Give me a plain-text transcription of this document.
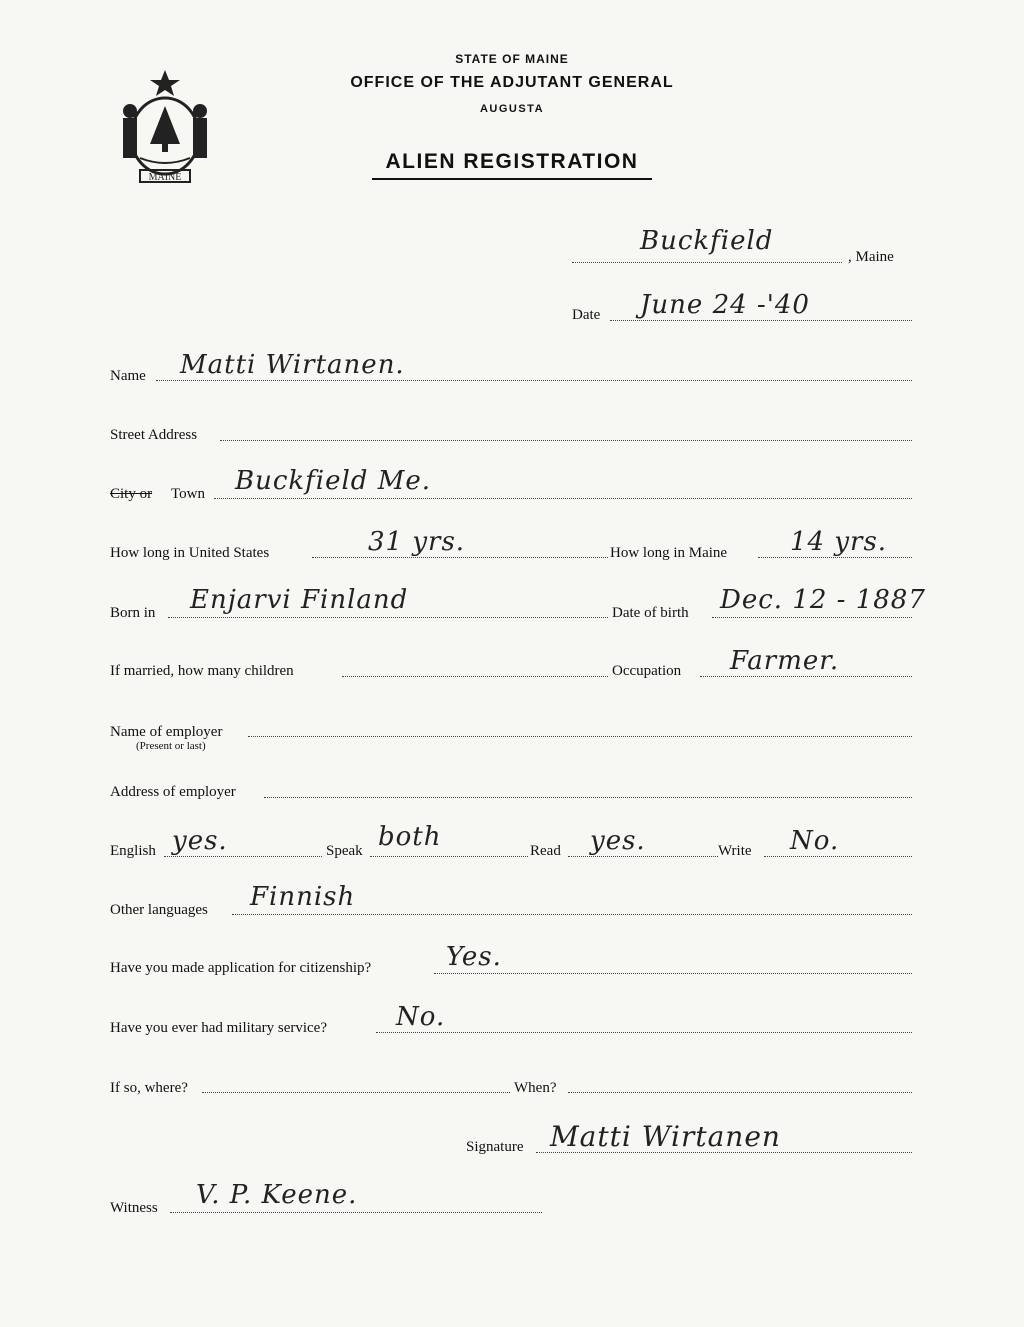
MAINE
STATE OF MAINE
OFFICE OF THE ADJUTANT GENERAL
AUGUSTA
ALIEN REGISTRATION
Buckfield
, Maine
Date June 24 -'40
Name Matti Wirtanen.
Street Address
City or Town Buckfield Me.
How long in United States	31 yrs.	How long in Maine 14 yrs.
Born in Enjarvi Finland	Date of birth Dec. 12 - 1887
If married, how many children	Occupation Farmer.
Name of employer
(Present or last)
Address of employer
English yes.	Speak both	Read yes.	Write No.
Other languages Finnish
Have you made application for citizenship?	Yes.
Have you ever had military service?	No.
If so, where?	When?
Signature Matti Wirtanen
Witness V. P. Keene.
